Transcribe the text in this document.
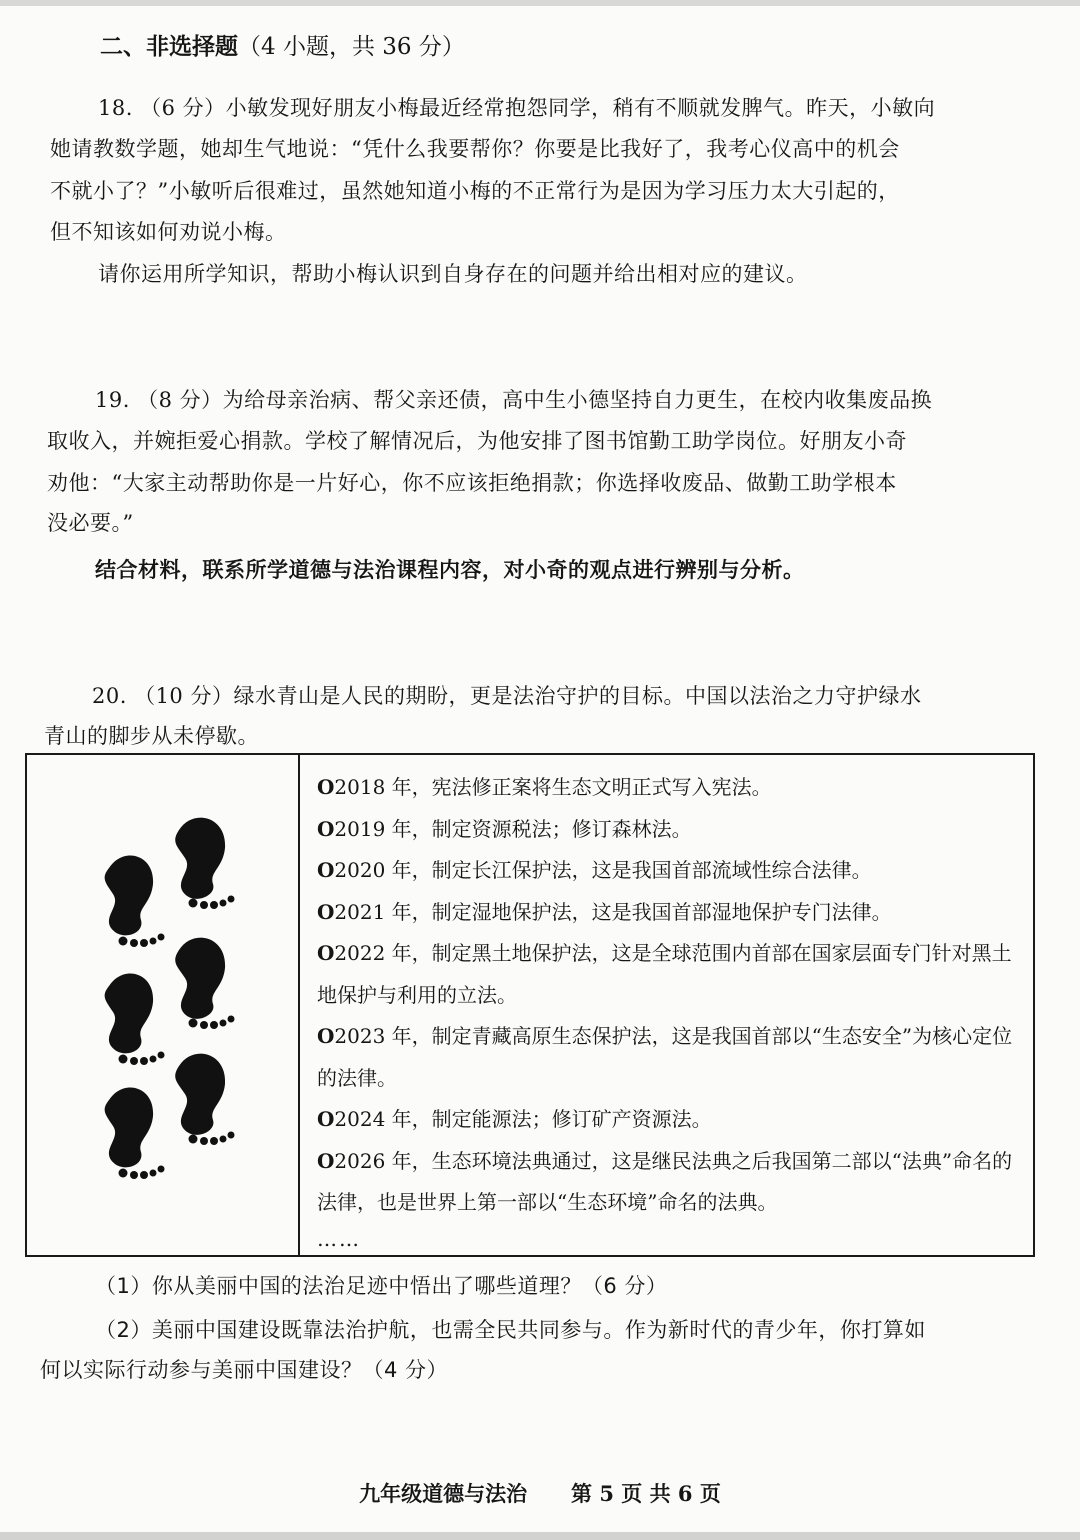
二、非选择题（4 小题，共 36 分）
18. （6 分）小敏发现好朋友小梅最近经常抱怨同学，稍有不顺就发脾气。昨天，小敏向
她请教数学题，她却生气地说：“凭什么我要帮你？你要是比我好了，我考心仪高中的机会
不就小了？”小敏听后很难过，虽然她知道小梅的不正常行为是因为学习压力太大引起的，
但不知该如何劝说小梅。
请你运用所学知识，帮助小梅认识到自身存在的问题并给出相对应的建议。
19. （8 分）为给母亲治病、帮父亲还债，高中生小德坚持自力更生，在校内收集废品换
取收入，并婉拒爱心捐款。学校了解情况后，为他安排了图书馆勤工助学岗位。好朋友小奇
劝他：“大家主动帮助你是一片好心，你不应该拒绝捐款；你选择收废品、做勤工助学根本
没必要。”
结合材料，联系所学道德与法治课程内容，对小奇的观点进行辨别与分析。
20. （10 分）绿水青山是人民的期盼，更是法治守护的目标。中国以法治之力守护绿水
青山的脚步从未停歇。
O2018 年，宪法修正案将生态文明正式写入宪法。
O2019 年，制定资源税法；修订森林法。
O2020 年，制定长江保护法，这是我国首部流域性综合法律。
O2021 年，制定湿地保护法，这是我国首部湿地保护专门法律。
O2022 年，制定黑土地保护法，这是全球范围内首部在国家层面专门针对黑土地保护与利用的立法。
O2023 年，制定青藏高原生态保护法，这是我国首部以“生态安全”为核心定位的法律。
O2024 年，制定能源法；修订矿产资源法。
O2026 年，生态环境法典通过，这是继民法典之后我国第二部以“法典”命名的法律，也是世界上第一部以“生态环境”命名的法典。
……
（1）你从美丽中国的法治足迹中悟出了哪些道理？（6 分）
（2）美丽中国建设既靠法治护航，也需全民共同参与。作为新时代的青少年，你打算如
何以实际行动参与美丽中国建设？（4 分）
九年级道德与法治 第 5 页 共 6 页
